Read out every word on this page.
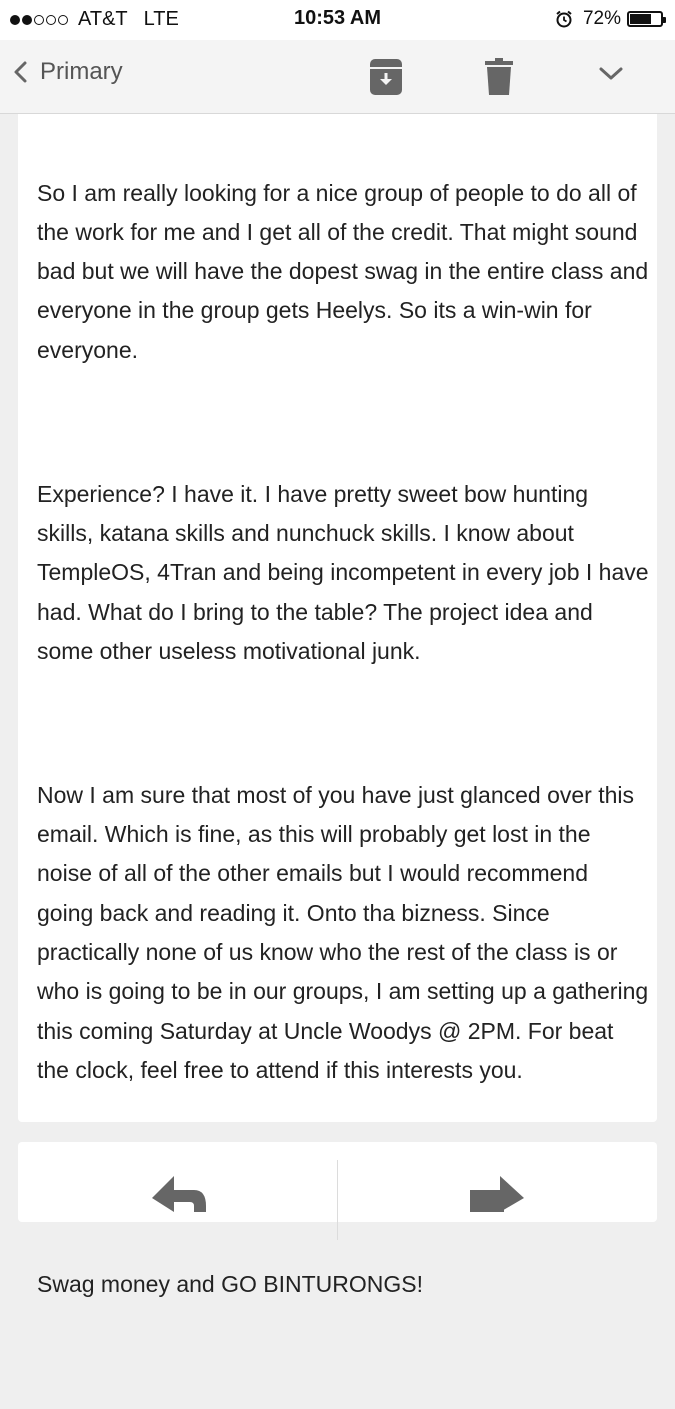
AT&T LTE	10:53 AM	72%
Primary

So I am really looking for a nice group of people to do all of the work for me and I get all of the credit. That might sound bad but we will have the dopest swag in the entire class and everyone in the group gets Heelys. So its a win-win for everyone.

Experience? I have it. I have pretty sweet bow hunting skills, katana skills and nunchuck skills. I know about TempleOS, 4Tran and being incompetent in every job I have had. What do I bring to the table? The project idea and some other useless motivational junk.

Now I am sure that most of you have just glanced over this email. Which is fine, as this will probably get lost in the noise of all of the other emails but I would recommend going back and reading it. Onto tha bizness. Since practically none of us know who the rest of the class is or who is going to be in our groups, I am setting up a gathering this coming Saturday at Uncle Woodys @ 2PM. For beat the clock, feel free to attend if this interests you.

Swag money and GO BINTURONGS!
